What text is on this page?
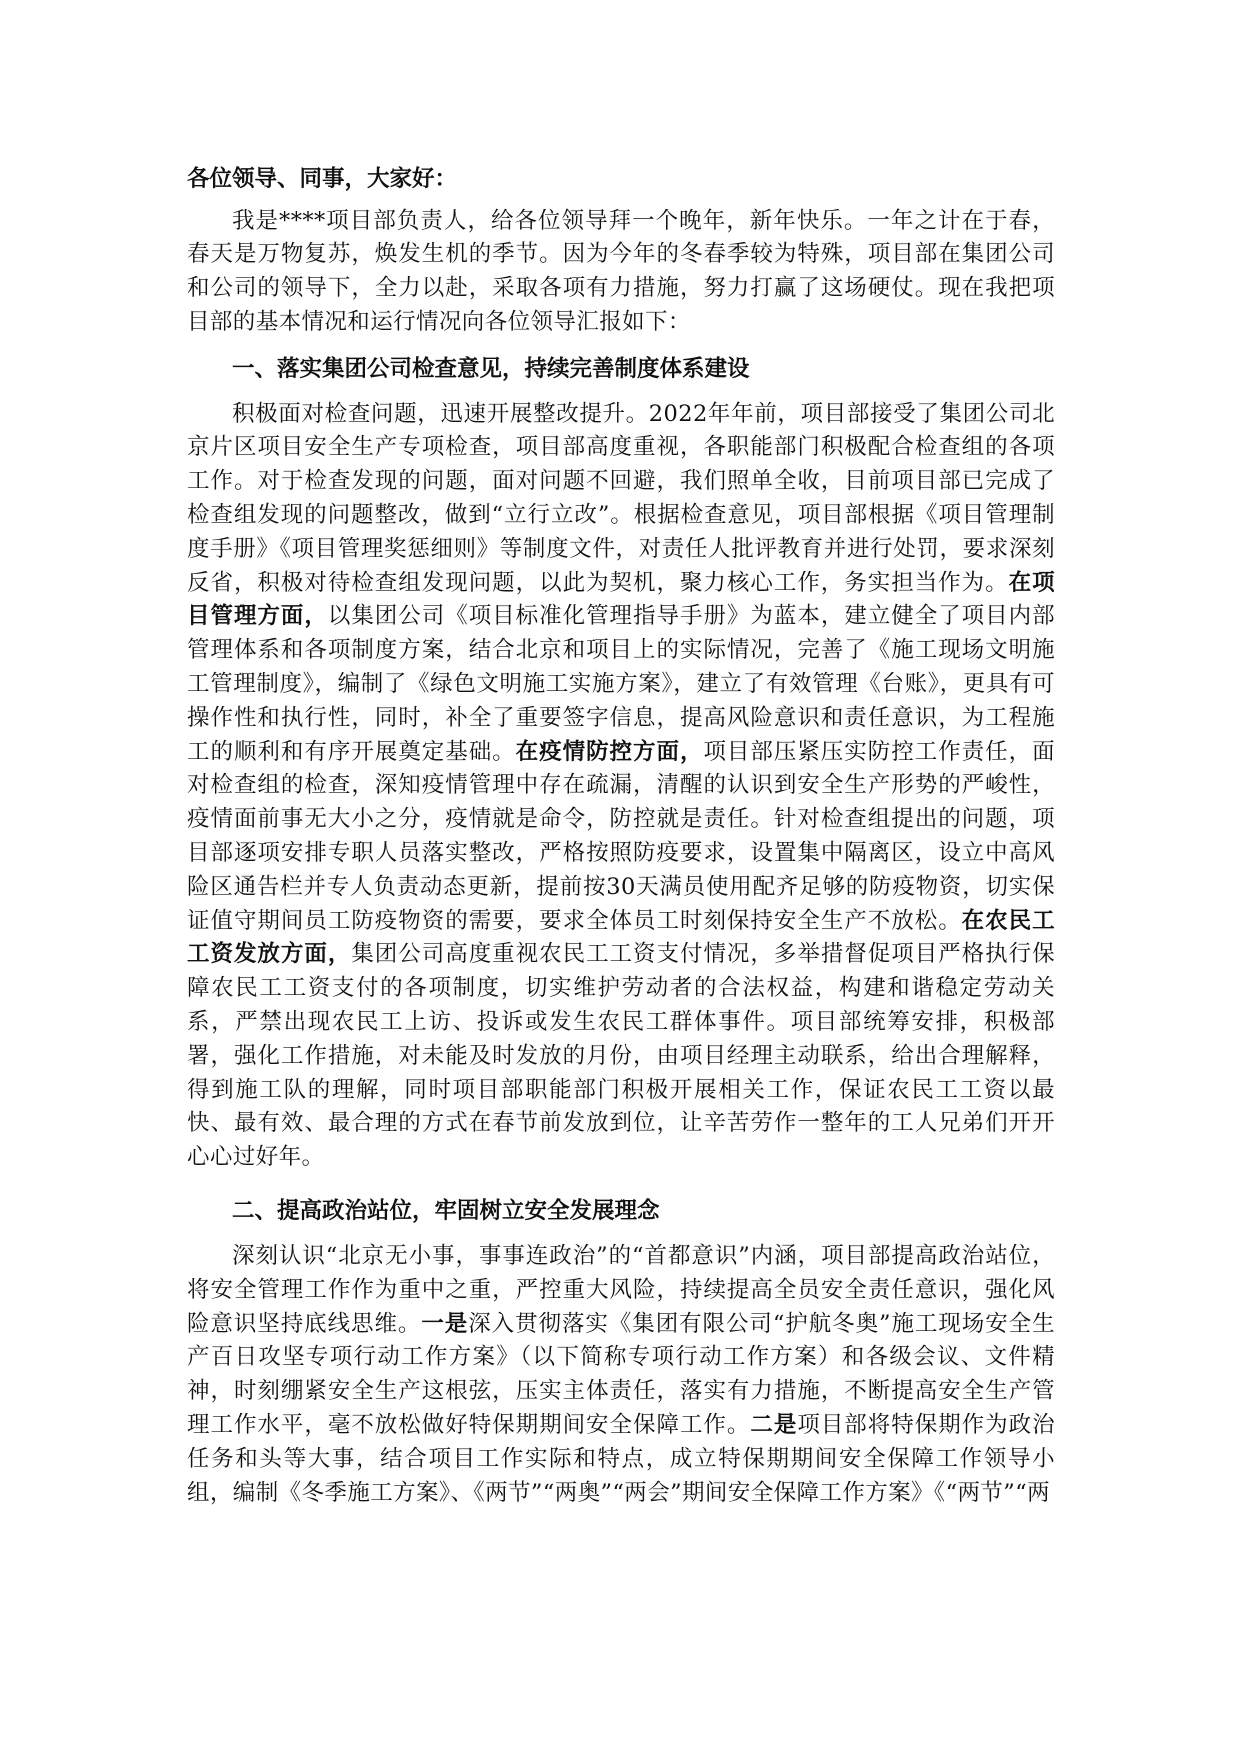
各位领导、同事，大家好：

我是****项目部负责人，给各位领导拜一个晚年，新年快乐。一年之计在于春，春天是万物复苏，焕发生机的季节。因为今年的冬春季较为特殊，项目部在集团公司和公司的领导下，全力以赴，采取各项有力措施，努力打赢了这场硬仗。现在我把项目部的基本情况和运行情况向各位领导汇报如下：

一、落实集团公司检查意见，持续完善制度体系建设

积极面对检查问题，迅速开展整改提升。2022年年前，项目部接受了集团公司北京片区项目安全生产专项检查，项目部高度重视，各职能部门积极配合检查组的各项工作。对于检查发现的问题，面对问题不回避，我们照单全收，目前项目部已完成了检查组发现的问题整改，做到“立行立改”。根据检查意见，项目部根据《项目管理制度手册》《项目管理奖惩细则》等制度文件，对责任人批评教育并进行处罚，要求深刻反省，积极对待检查组发现问题，以此为契机，聚力核心工作，务实担当作为。在项目管理方面，以集团公司《项目标准化管理指导手册》为蓝本，建立健全了项目内部管理体系和各项制度方案，结合北京和项目上的实际情况，完善了《施工现场文明施工管理制度》，编制了《绿色文明施工实施方案》，建立了有效管理《台账》，更具有可操作性和执行性，同时，补全了重要签字信息，提高风险意识和责任意识，为工程施工的顺利和有序开展奠定基础。在疫情防控方面，项目部压紧压实防控工作责任，面对检查组的检查，深知疫情管理中存在疏漏，清醒的认识到安全生产形势的严峻性，疫情面前事无大小之分，疫情就是命令，防控就是责任。针对检查组提出的问题，项目部逐项安排专职人员落实整改，严格按照防疫要求，设置集中隔离区，设立中高风险区通告栏并专人负责动态更新，提前按30天满员使用配齐足够的防疫物资，切实保证值守期间员工防疫物资的需要，要求全体员工时刻保持安全生产不放松。在农民工工资发放方面，集团公司高度重视农民工工资支付情况，多举措督促项目严格执行保障农民工工资支付的各项制度，切实维护劳动者的合法权益，构建和谐稳定劳动关系，严禁出现农民工上访、投诉或发生农民工群体事件。项目部统筹安排，积极部署，强化工作措施，对未能及时发放的月份，由项目经理主动联系，给出合理解释，得到施工队的理解，同时项目部职能部门积极开展相关工作，保证农民工工资以最快、最有效、最合理的方式在春节前发放到位，让辛苦劳作一整年的工人兄弟们开开心心过好年。

二、提高政治站位，牢固树立安全发展理念

深刻认识“北京无小事，事事连政治”的“首都意识”内涵，项目部提高政治站位，将安全管理工作作为重中之重，严控重大风险，持续提高全员安全责任意识，强化风险意识坚持底线思维。一是深入贯彻落实《集团有限公司“护航冬奥”施工现场安全生产百日攻坚专项行动工作方案》（以下简称专项行动工作方案）和各级会议、文件精神，时刻绷紧安全生产这根弦，压实主体责任，落实有力措施，不断提高安全生产管理工作水平，毫不放松做好特保期期间安全保障工作。二是项目部将特保期作为政治任务和头等大事，结合项目工作实际和特点，成立特保期期间安全保障工作领导小组，编制《冬季施工方案》、《两节”“两奥”“两会”期间安全保障工作方案》《“两节”“两
